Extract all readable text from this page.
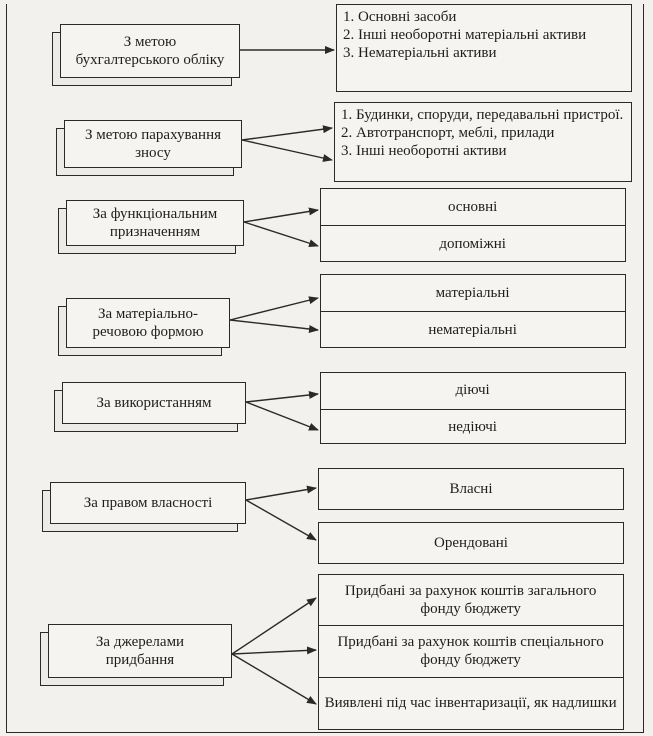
З метою
бухгалтерського обліку
1. Основні засоби
2. Інші необоротні матеріальні активи
3. Нематеріальні активи
З метою парахування
зносу
1. Будинки, споруди, передавальні пристрої.
2. Автотранспорт, меблі, прилади
3. Інші необоротні активи
За функціональним
призначенням
основні
допоміжні
За матеріально-
речовою формою
матеріальні
нематеріальні
За використанням
діючі
недіючі
За правом власності
Власні
Орендовані
За джерелами
придбання
Придбані за рахунок коштів загального фонду бюджету
Придбані за рахунок коштів спеціального фонду бюджету
Виявлені під час інвентаризації, як надлишки
